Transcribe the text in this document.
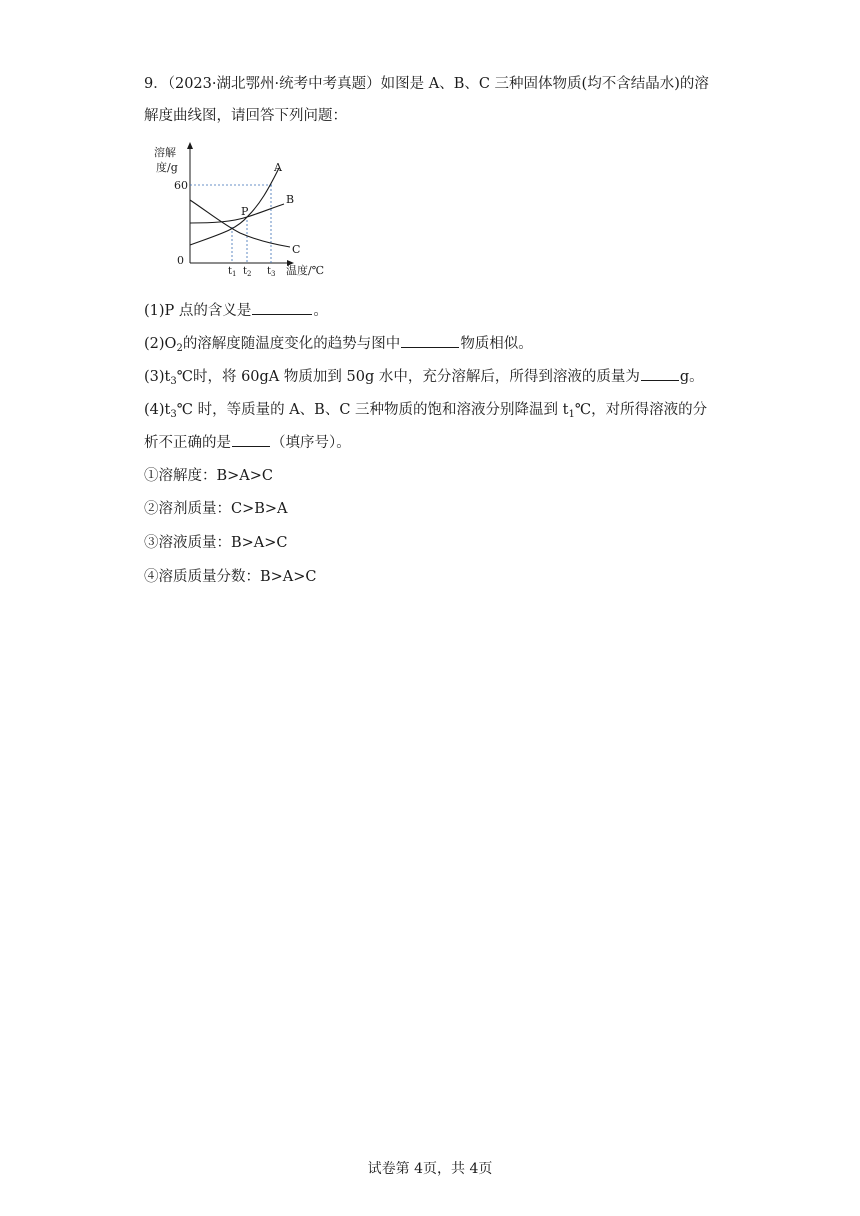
9．（2023·湖北鄂州·统考中考真题）如图是 A、B、C 三种固体物质(均不含结晶水)的溶
解度曲线图，请回答下列问题：
溶解
度/g
60
0
P
A
B
C
$t_1$ $t_2$ $t_3$ 温度/℃
(1)P 点的含义是	。
$(2)O_2$的溶解度随温度变化的趋势与图中	物质相似。
$(3)t_3℃$时，将 60gA 物质加到 50g 水中，充分溶解后，所得到溶液的质量为	g。
$(4)t_3℃$ 时，等质量的 A、B、C 三种物质的饱和溶液分别降温到 $t_1℃$，对所得溶液的分
析不正确的是	（填序号）。
①溶解度：B>A>C
②溶剂质量：C>B>A
③溶液质量：B>A>C
④溶质质量分数：B>A>C
试卷第 4页，共 4页
